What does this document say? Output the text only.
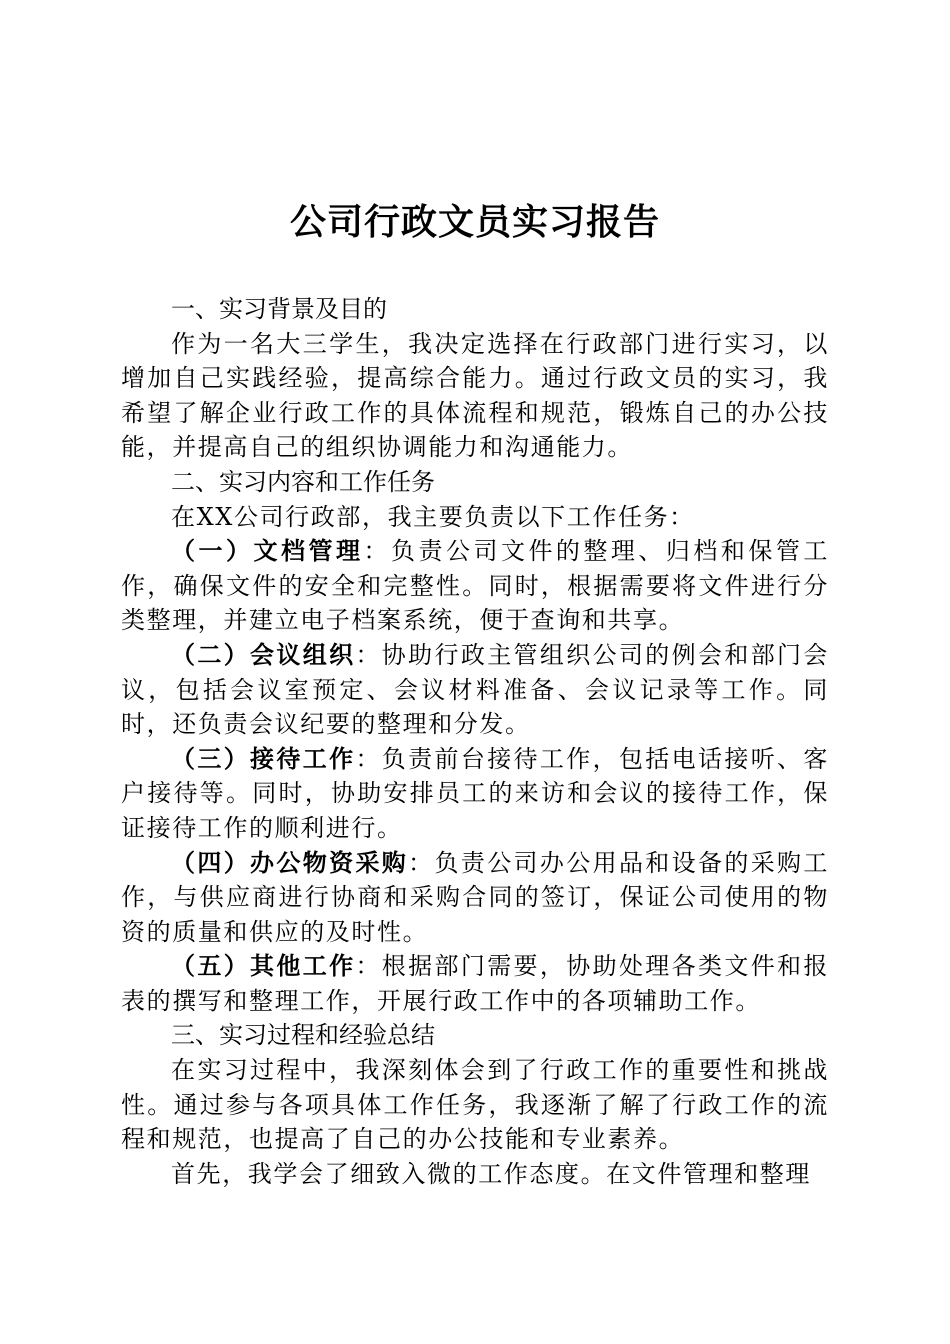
公司行政文员实习报告

一、实习背景及目的

作为一名大三学生，我决定选择在行政部门进行实习，以增加自己实践经验，提高综合能力。通过行政文员的实习，我希望了解企业行政工作的具体流程和规范，锻炼自己的办公技能，并提高自己的组织协调能力和沟通能力。

二、实习内容和工作任务

在XX公司行政部，我主要负责以下工作任务：

（一）文档管理：负责公司文件的整理、归档和保管工作，确保文件的安全和完整性。同时，根据需要将文件进行分类整理，并建立电子档案系统，便于查询和共享。

（二）会议组织：协助行政主管组织公司的例会和部门会议，包括会议室预定、会议材料准备、会议记录等工作。同时，还负责会议纪要的整理和分发。

（三）接待工作：负责前台接待工作，包括电话接听、客户接待等。同时，协助安排员工的来访和会议的接待工作，保证接待工作的顺利进行。

（四）办公物资采购：负责公司办公用品和设备的采购工作，与供应商进行协商和采购合同的签订，保证公司使用的物资的质量和供应的及时性。

（五）其他工作：根据部门需要，协助处理各类文件和报表的撰写和整理工作，开展行政工作中的各项辅助工作。

三、实习过程和经验总结

在实习过程中，我深刻体会到了行政工作的重要性和挑战性。通过参与各项具体工作任务，我逐渐了解了行政工作的流程和规范，也提高了自己的办公技能和专业素养。

首先，我学会了细致入微的工作态度。在文件管理和整理
